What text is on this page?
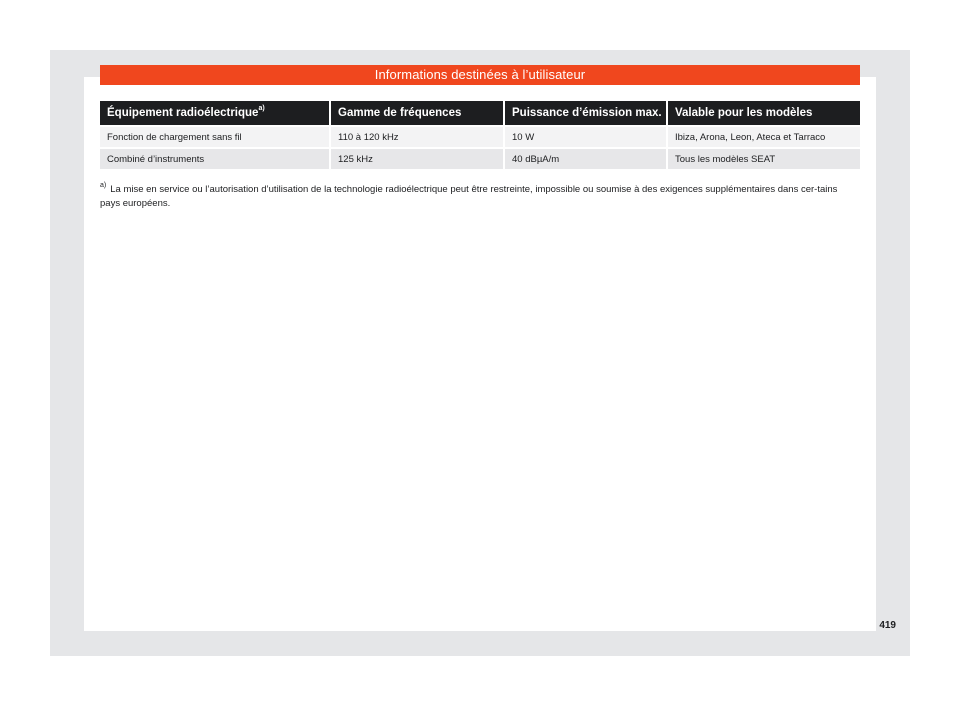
Informations destinées à l’utilisateur
Équipement radioélectrique$^{a)}$	Gamme de fréquences	Puissance d’émission max.	Valable pour les modèles
Fonction de chargement sans fil	110 à 120 kHz	10 W	Ibiza, Arona, Leon, Ateca et Tarraco
Combiné d’instruments	125 kHz	40 dBµA/m	Tous les modèles SEAT
$^{a)}$ La mise en service ou l’autorisation d’utilisation de la technologie radioélectrique peut être restreinte, impossible ou soumise à des exigences supplémentaires dans cer-tains pays européens.
419
